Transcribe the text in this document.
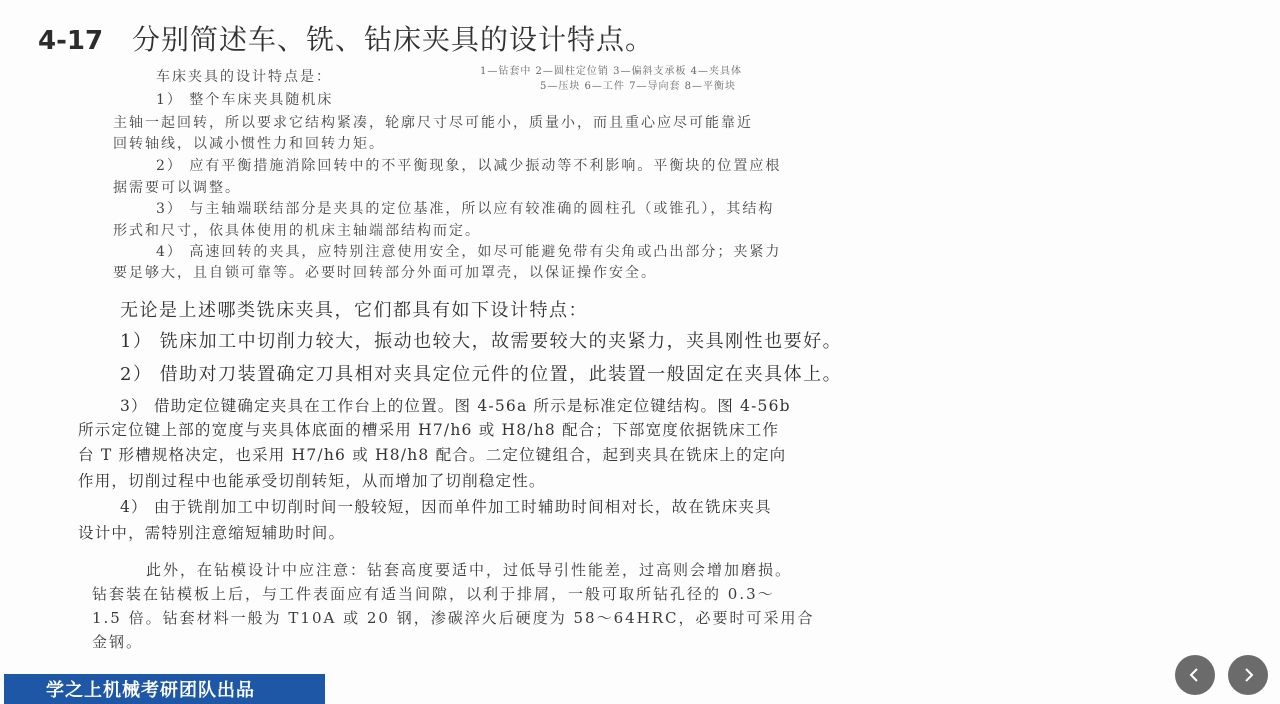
4-17	分别简述车、铣、钻床夹具的设计特点。
1—钻套中 2—圆柱定位销 3—偏斜支承板 4—夹具体
5—压块 6—工件 7—导向套 8—平衡块
车床夹具的设计特点是：
1） 整个车床夹具随机床
主轴一起回转，所以要求它结构紧凑，轮廓尺寸尽可能小，质量小，而且重心应尽可能靠近
回转轴线，以减小惯性力和回转力矩。
2） 应有平衡措施消除回转中的不平衡现象，以减少振动等不利影响。平衡块的位置应根
据需要可以调整。
3） 与主轴端联结部分是夹具的定位基准，所以应有较准确的圆柱孔（或锥孔），其结构
形式和尺寸，依具体使用的机床主轴端部结构而定。
4） 高速回转的夹具，应特别注意使用安全，如尽可能避免带有尖角或凸出部分；夹紧力
要足够大，且自锁可靠等。必要时回转部分外面可加罩壳，以保证操作安全。
无论是上述哪类铣床夹具，它们都具有如下设计特点：
1） 铣床加工中切削力较大，振动也较大，故需要较大的夹紧力，夹具刚性也要好。
2） 借助对刀装置确定刀具相对夹具定位元件的位置，此装置一般固定在夹具体上。
3） 借助定位键确定夹具在工作台上的位置。图 4-56a 所示是标准定位键结构。图 4-56b
所示定位键上部的宽度与夹具体底面的槽采用 H7/h6 或 H8/h8 配合；下部宽度依据铣床工作
台 T 形槽规格决定，也采用 H7/h6 或 H8/h8 配合。二定位键组合，起到夹具在铣床上的定向
作用，切削过程中也能承受切削转矩，从而增加了切削稳定性。
4） 由于铣削加工中切削时间一般较短，因而单件加工时辅助时间相对长，故在铣床夹具
设计中，需特别注意缩短辅助时间。
此外，在钻模设计中应注意：钻套高度要适中，过低导引性能差，过高则会增加磨损。
钻套装在钻模板上后，与工件表面应有适当间隙，以利于排屑，一般可取所钻孔径的 0.3～
1.5 倍。钻套材料一般为 T10A 或 20 钢，渗碳淬火后硬度为 58～64HRC，必要时可采用合
金钢。
学之上机械考研团队出品
